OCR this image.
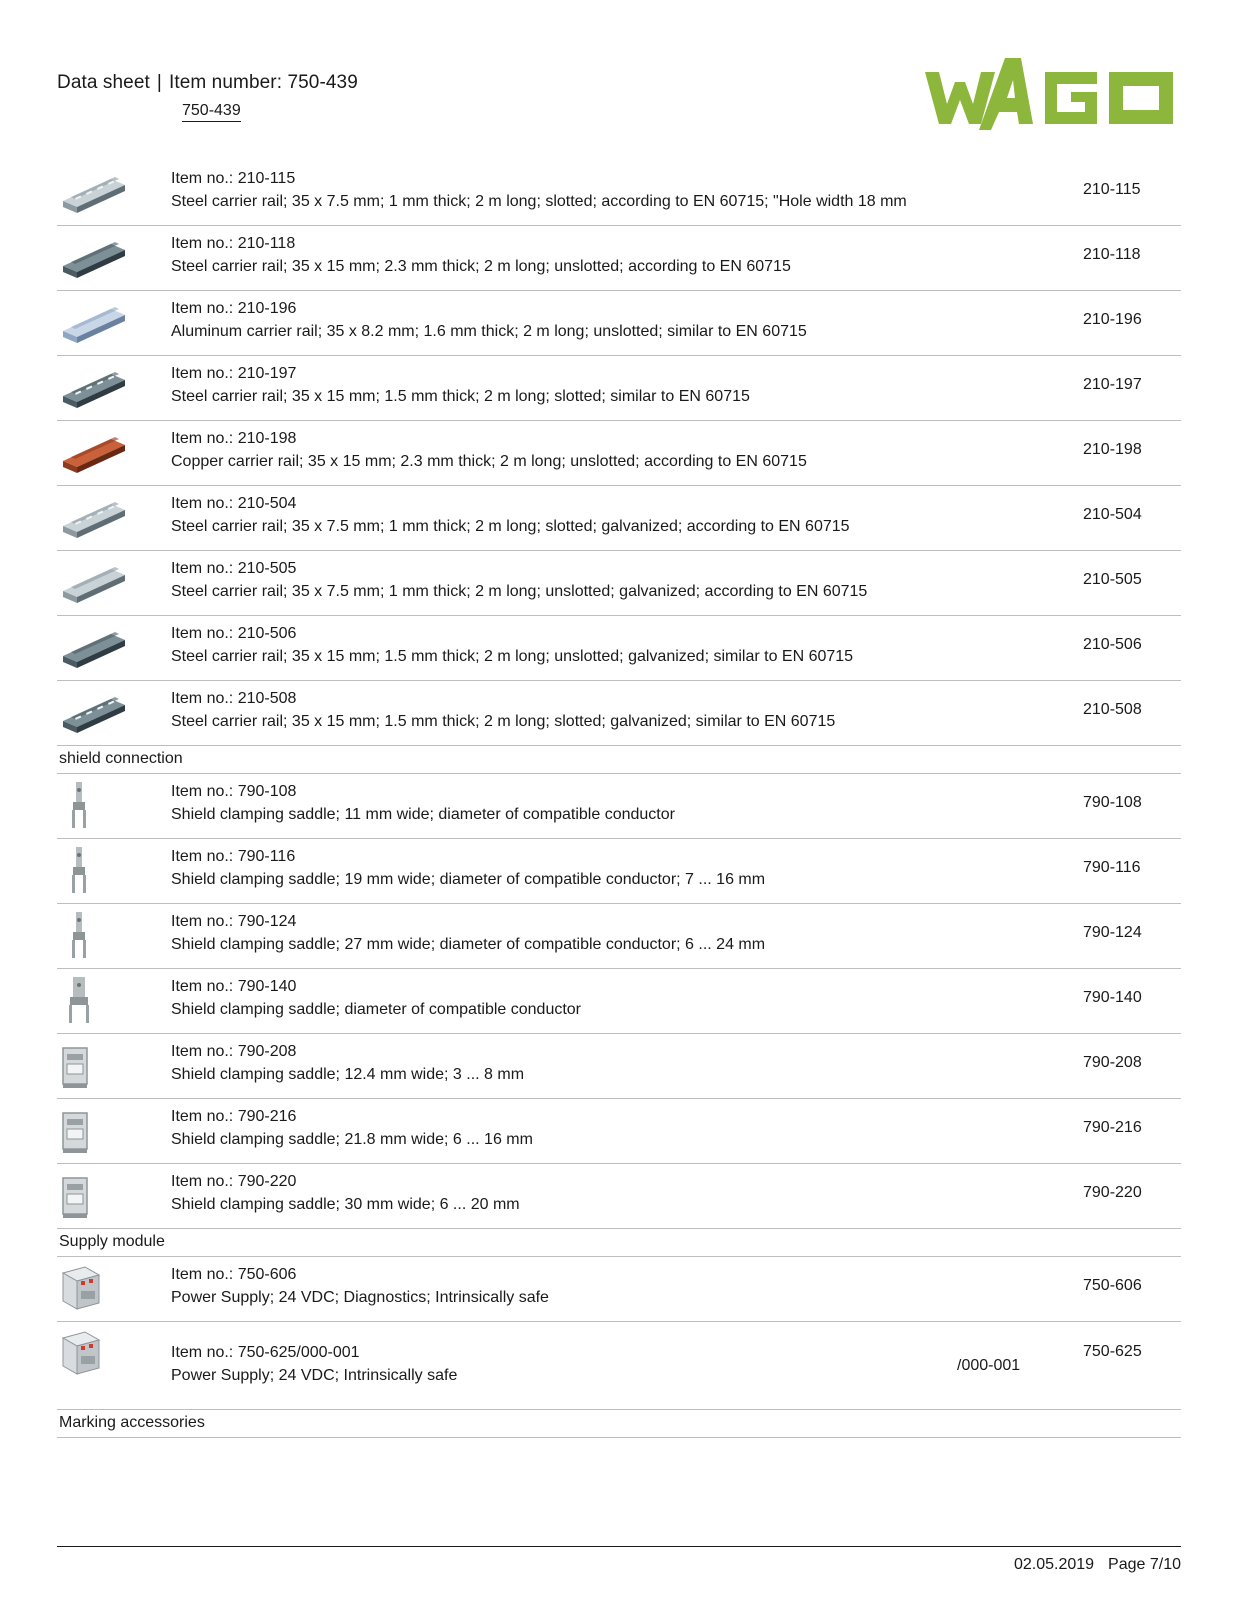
Data sheet | Item number: 750-439
750-439
Item no.: 210-115
Steel carrier rail; 35 x 7.5 mm; 1 mm thick; 2 m long; slotted; according to EN 60715; "Hole width 18 mm
210-115
Item no.: 210-118
Steel carrier rail; 35 x 15 mm; 2.3 mm thick; 2 m long; unslotted; according to EN 60715
210-118
Item no.: 210-196
Aluminum carrier rail; 35 x 8.2 mm; 1.6 mm thick; 2 m long; unslotted; similar to EN 60715
210-196
Item no.: 210-197
Steel carrier rail; 35 x 15 mm; 1.5 mm thick; 2 m long; slotted; similar to EN 60715
210-197
Item no.: 210-198
Copper carrier rail; 35 x 15 mm; 2.3 mm thick; 2 m long; unslotted; according to EN 60715
210-198
Item no.: 210-504
Steel carrier rail; 35 x 7.5 mm; 1 mm thick; 2 m long; slotted; galvanized; according to EN 60715
210-504
Item no.: 210-505
Steel carrier rail; 35 x 7.5 mm; 1 mm thick; 2 m long; unslotted; galvanized; according to EN 60715
210-505
Item no.: 210-506
Steel carrier rail; 35 x 15 mm; 1.5 mm thick; 2 m long; unslotted; galvanized; similar to EN 60715
210-506
Item no.: 210-508
Steel carrier rail; 35 x 15 mm; 1.5 mm thick; 2 m long; slotted; galvanized; similar to EN 60715
210-508
shield connection
Item no.: 790-108
Shield clamping saddle; 11 mm wide; diameter of compatible conductor
790-108
Item no.: 790-116
Shield clamping saddle; 19 mm wide; diameter of compatible conductor; 7 ... 16 mm
790-116
Item no.: 790-124
Shield clamping saddle; 27 mm wide; diameter of compatible conductor; 6 ... 24 mm
790-124
Item no.: 790-140
Shield clamping saddle; diameter of compatible conductor
790-140
Item no.: 790-208
Shield clamping saddle; 12.4 mm wide; 3 ... 8 mm
790-208
Item no.: 790-216
Shield clamping saddle; 21.8 mm wide; 6 ... 16 mm
790-216
Item no.: 790-220
Shield clamping saddle; 30 mm wide; 6 ... 20 mm
790-220
Supply module
Item no.: 750-606
Power Supply; 24 VDC; Diagnostics; Intrinsically safe
750-606
Item no.: 750-625/000-001
Power Supply; 24 VDC; Intrinsically safe
750-625
/000-001
Marking accessories
02.05.2019 Page 7/10
